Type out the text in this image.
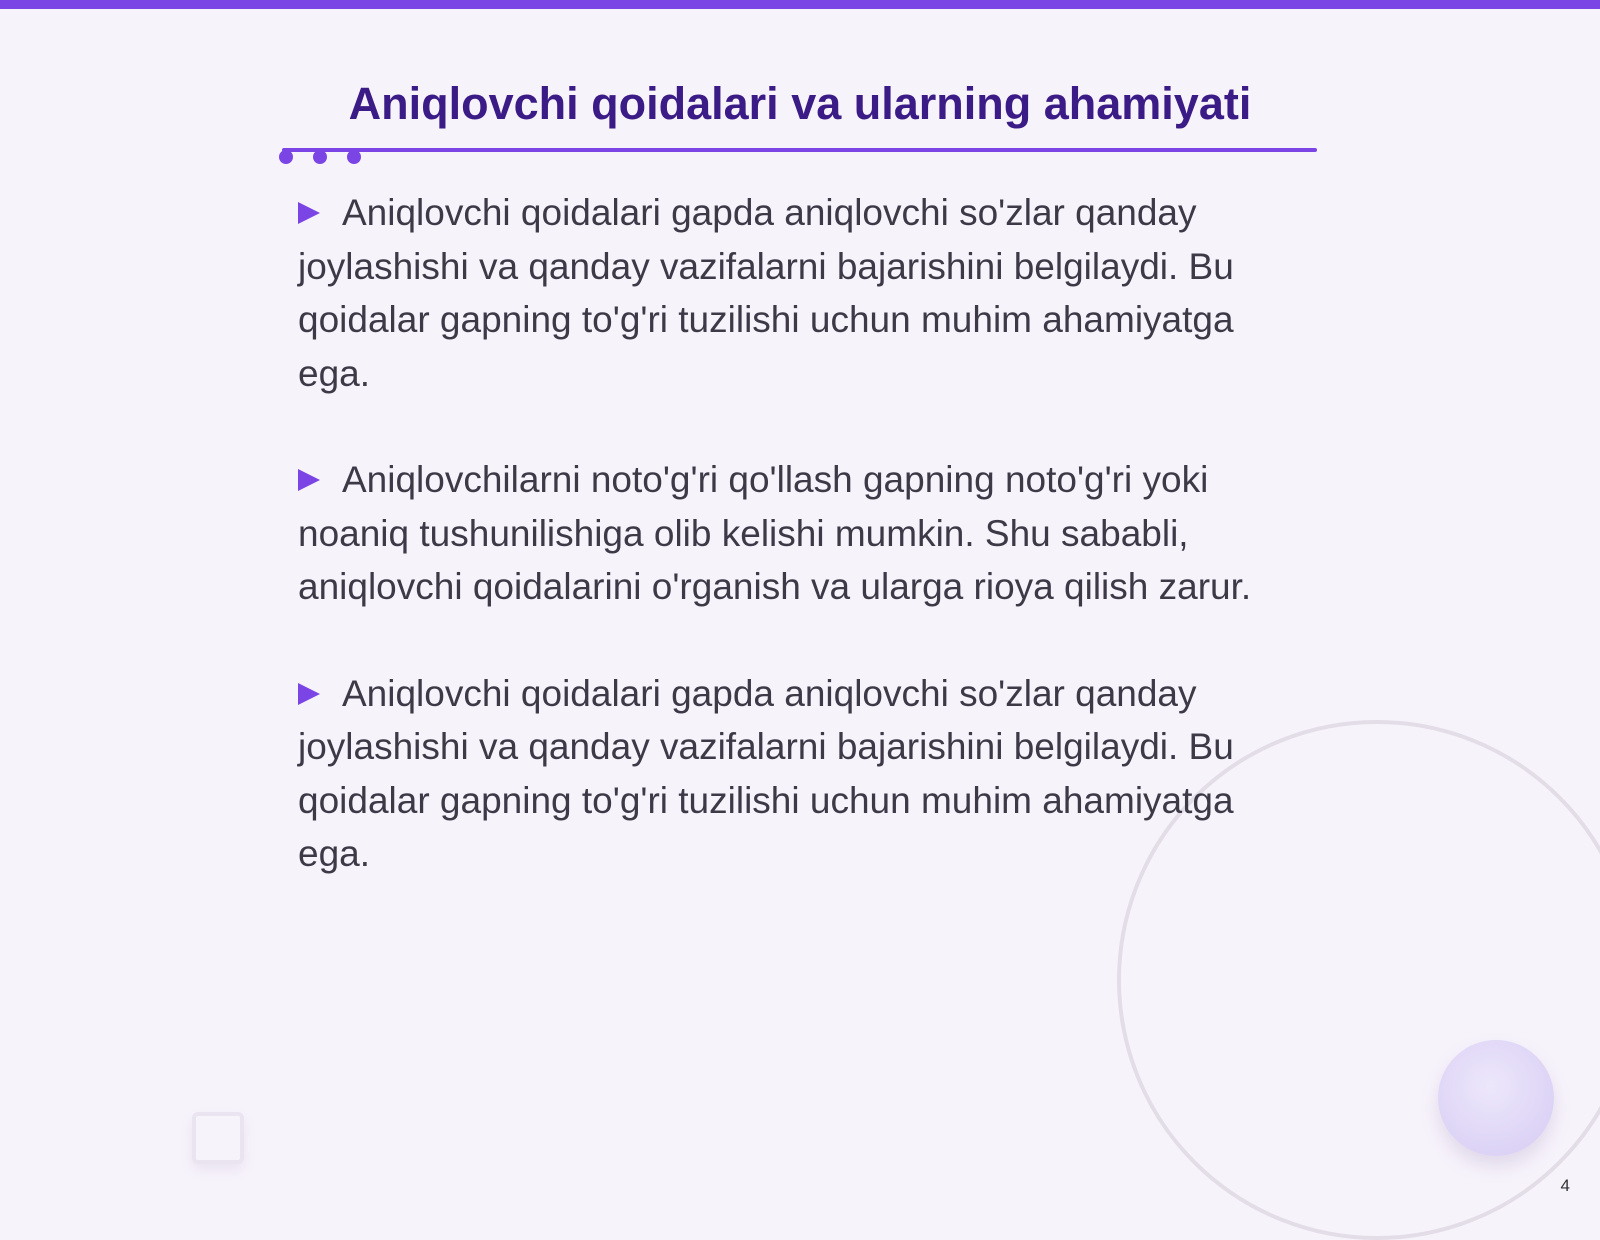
Aniqlovchi qoidalari va ularning ahamiyati

Aniqlovchi qoidalari gapda aniqlovchi so'zlar qanday joylashishi va qanday vazifalarni bajarishini belgilaydi. Bu qoidalar gapning to'g'ri tuzilishi uchun muhim ahamiyatga ega.

Aniqlovchilarni noto'g'ri qo'llash gapning noto'g'ri yoki noaniq tushunilishiga olib kelishi mumkin. Shu sababli, aniqlovchi qoidalarini o'rganish va ularga rioya qilish zarur.

Aniqlovchi qoidalari gapda aniqlovchi so'zlar qanday joylashishi va qanday vazifalarni bajarishini belgilaydi. Bu qoidalar gapning to'g'ri tuzilishi uchun muhim ahamiyatga ega.

4
